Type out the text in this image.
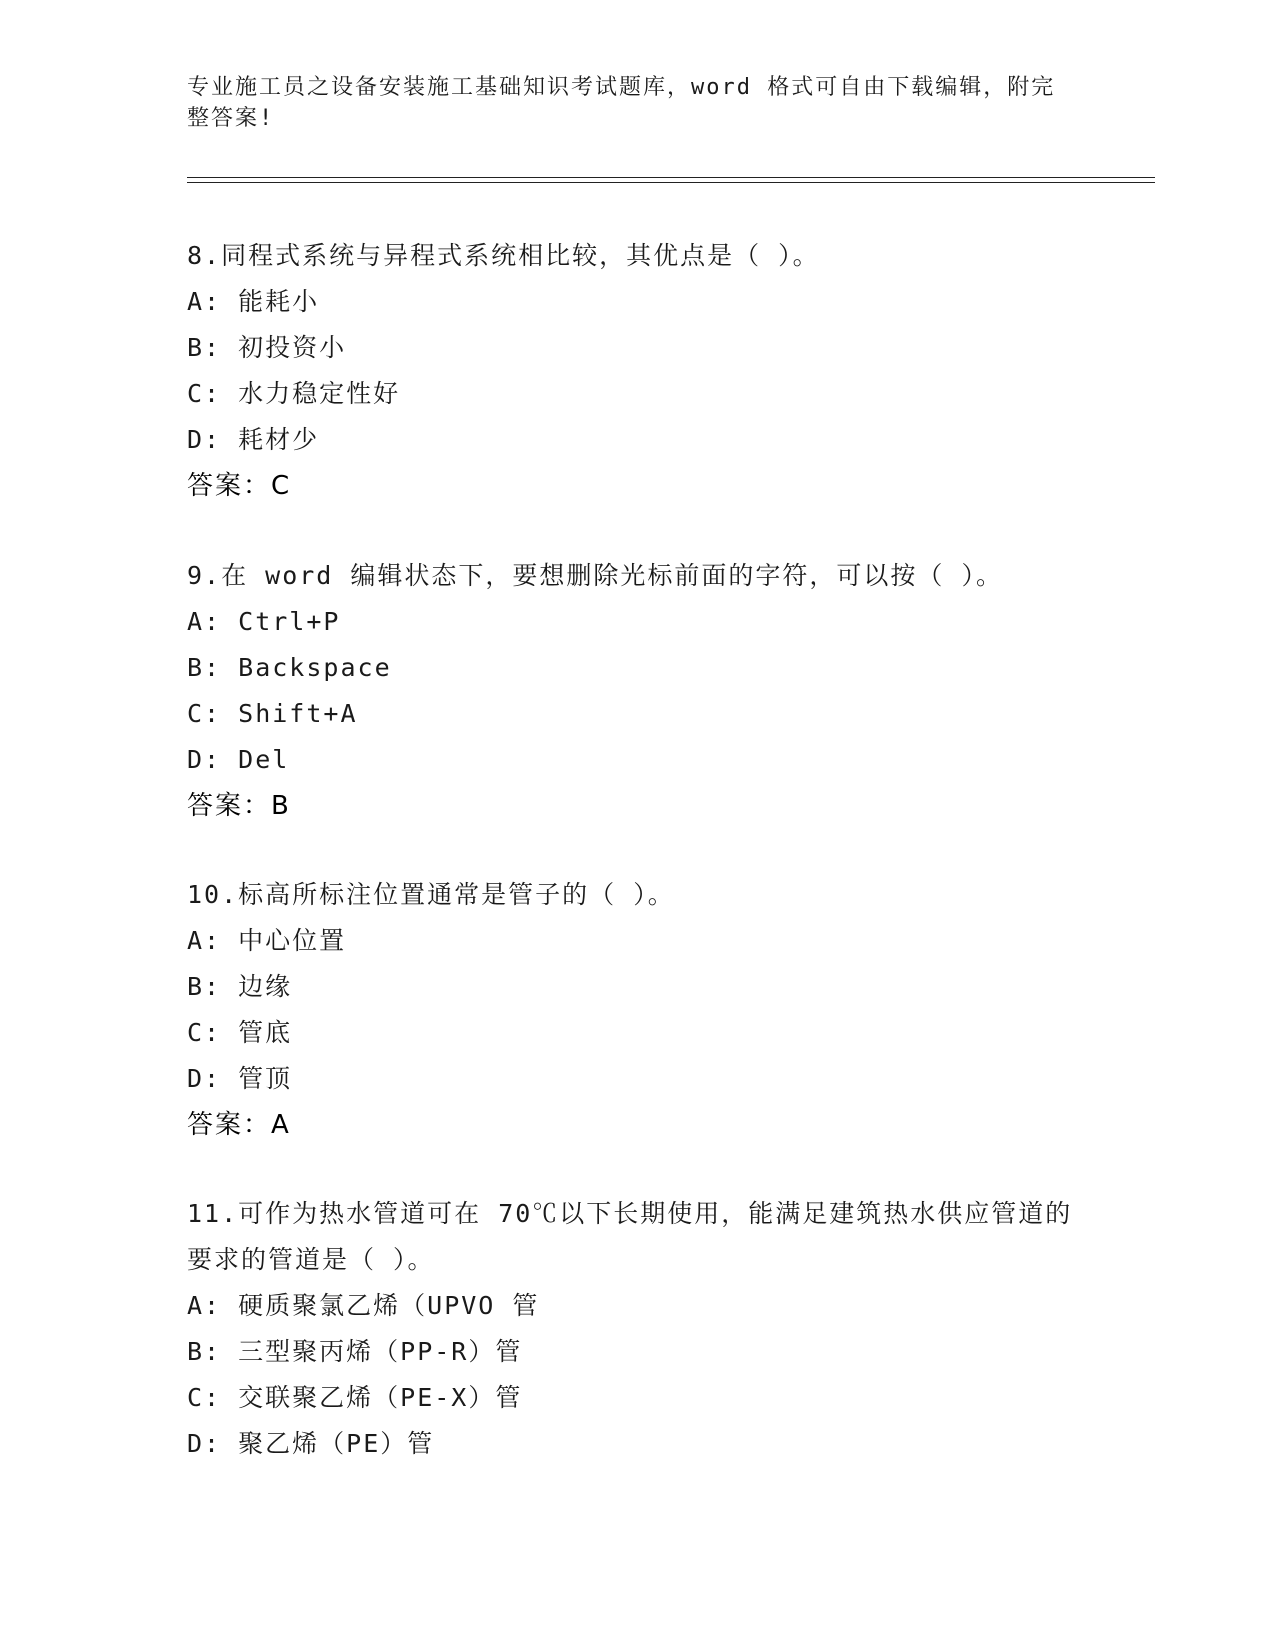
专业施工员之设备安装施工基础知识考试题库，word 格式可自由下载编辑，附完整答案!

8.同程式系统与异程式系统相比较，其优点是（ ）。

A: 能耗小

B: 初投资小

C: 水力稳定性好

D: 耗材少

答案：C

9.在 word 编辑状态下，要想删除光标前面的字符，可以按（ ）。

A: Ctrl+P

B: Backspace

C: Shift+A

D: Del

答案：B

10.标高所标注位置通常是管子的（ ）。

A: 中心位置

B: 边缘

C: 管底

D: 管顶

答案：A

11.可作为热水管道可在 70℃以下长期使用，能满足建筑热水供应管道的要求的管道是（ ）。

A: 硬质聚氯乙烯（UPVO 管

B: 三型聚丙烯（PP-R）管

C: 交联聚乙烯（PE-X）管

D: 聚乙烯（PE）管
